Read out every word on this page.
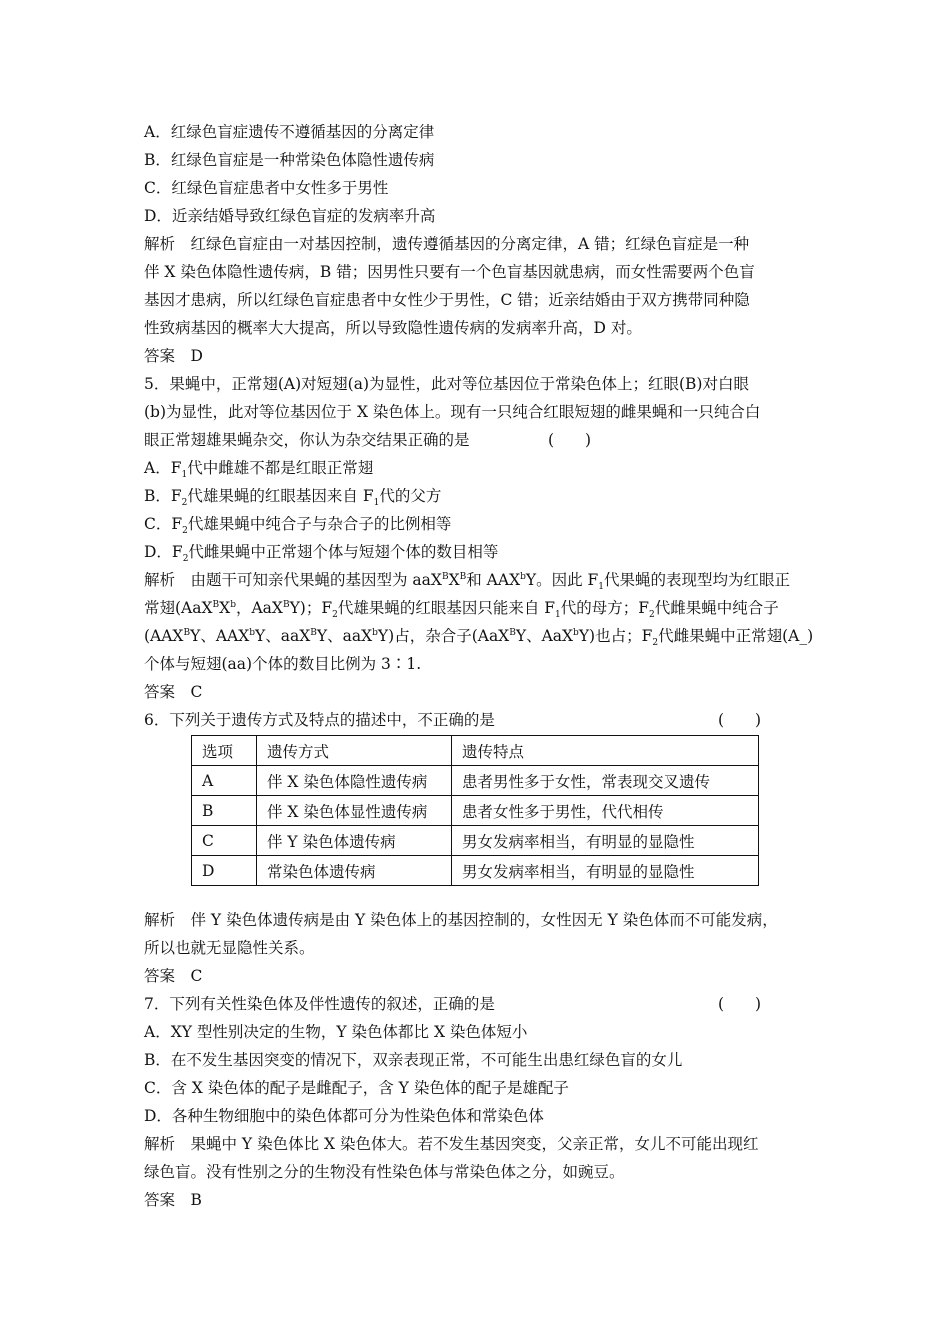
A．红绿色盲症遗传不遵循基因的分离定律
B．红绿色盲症是一种常染色体隐性遗传病
C．红绿色盲症患者中女性多于男性
D．近亲结婚导致红绿色盲症的发病率升高
解析　红绿色盲症由一对基因控制，遗传遵循基因的分离定律，A 错；红绿色盲症是一种
伴 X 染色体隐性遗传病，B 错；因男性只要有一个色盲基因就患病，而女性需要两个色盲
基因才患病，所以红绿色盲症患者中女性少于男性，C 错；近亲结婚由于双方携带同种隐
性致病基因的概率大大提高，所以导致隐性遗传病的发病率升高，D 对。
答案　D
5．果蝇中，正常翅(A)对短翅(a)为显性，此对等位基因位于常染色体上；红眼(B)对白眼
(b)为显性，此对等位基因位于 X 染色体上。现有一只纯合红眼短翅的雌果蝇和一只纯合白
眼正常翅雄果蝇杂交，你认为杂交结果正确的是	(　　)
A．$F_1$代中雌雄不都是红眼正常翅
B．$F_2$代雄果蝇的红眼基因来自 $F_1$代的父方
C．$F_2$代雄果蝇中纯合子与杂合子的比例相等
D．$F_2$代雌果蝇中正常翅个体与短翅个体的数目相等
解析　由题干可知亲代果蝇的基因型为 $aaX^BX^B$和 AAX$^b$Y。因此 $F_1$代果蝇的表现型均为红眼正
常翅($AaX^BX^b$，AaX$^B$Y)；$F_2$代雄果蝇的红眼基因只能来自 $F_1$代的母方；$F_2$代雌果蝇中纯合子
($AAX^BY$、AAX$^b$Y、aaX$^B$Y、aaX$^b$Y)占，杂合子(AaX$^B$Y、AaX$^b$Y)也占；$F_2$代雌果蝇中正常翅(A_)
个体与短翅(aa)个体的数目比例为 3∶1.
答案　C
6．下列关于遗传方式及特点的描述中，不正确的是	(　　)
选项	遗传方式	遗传特点
A	伴 X 染色体隐性遗传病	患者男性多于女性，常表现交叉遗传
B	伴 X 染色体显性遗传病	患者女性多于男性，代代相传
C	伴 Y 染色体遗传病	男女发病率相当，有明显的显隐性
D	常染色体遗传病	男女发病率相当，有明显的显隐性
解析　伴 Y 染色体遗传病是由 Y 染色体上的基因控制的，女性因无 Y 染色体而不可能发病，
所以也就无显隐性关系。
答案　C
7．下列有关性染色体及伴性遗传的叙述，正确的是	(　　)
A．XY 型性别决定的生物，Y 染色体都比 X 染色体短小
B．在不发生基因突变的情况下，双亲表现正常，不可能生出患红绿色盲的女儿
C．含 X 染色体的配子是雌配子，含 Y 染色体的配子是雄配子
D．各种生物细胞中的染色体都可分为性染色体和常染色体
解析　果蝇中 Y 染色体比 X 染色体大。若不发生基因突变，父亲正常，女儿不可能出现红
绿色盲。没有性别之分的生物没有性染色体与常染色体之分，如豌豆。
答案　B
